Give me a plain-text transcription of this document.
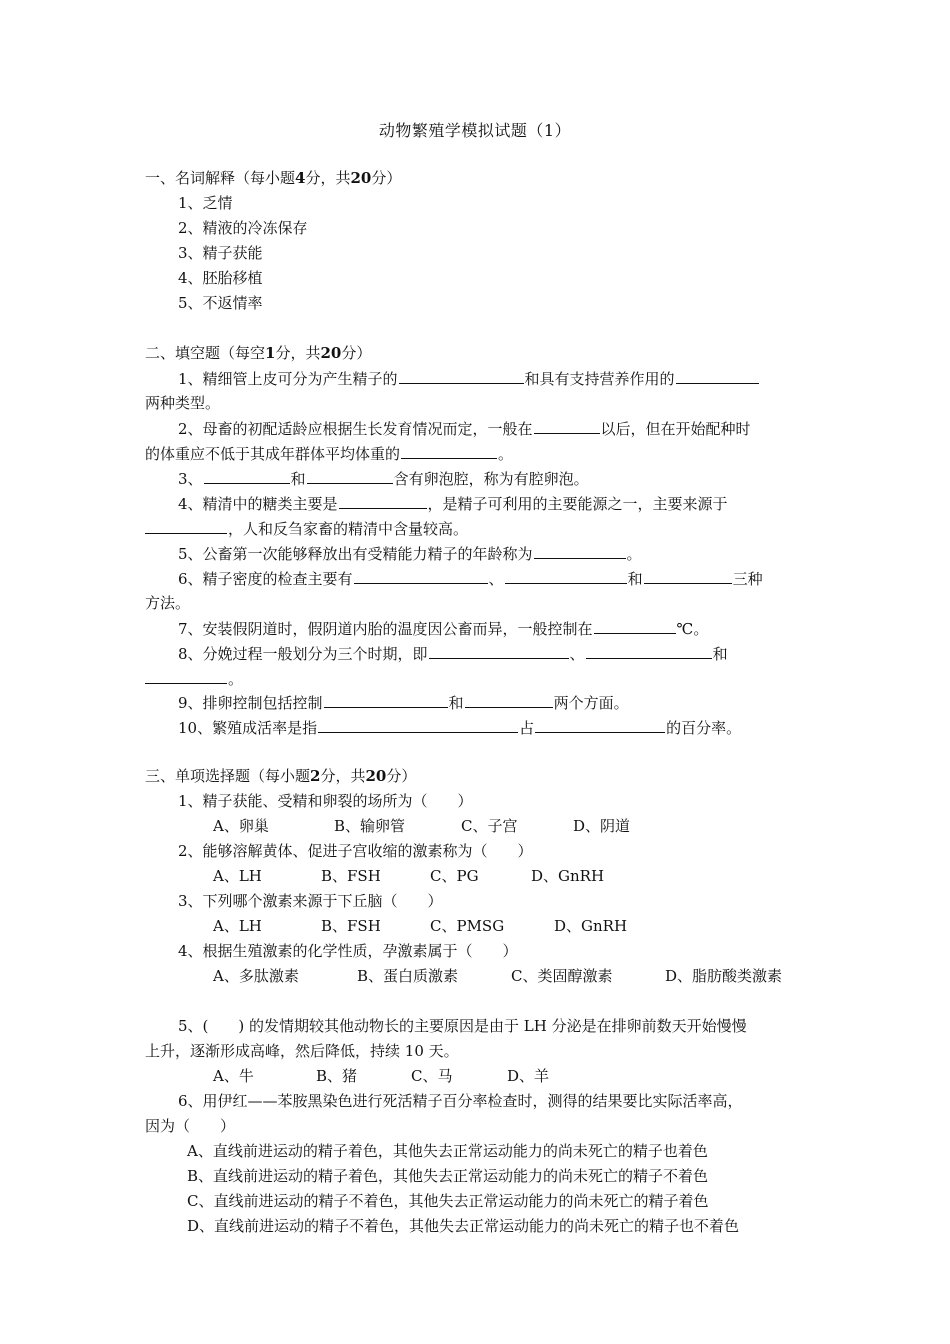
动物繁殖学模拟试题（1）
一、名词解释（每小题4分，共20分）
1、乏情
2、精液的冷冻保存
3、精子获能
4、胚胎移植
5、不返情率
二、填空题（每空1分，共20分）
1、精细管上皮可分为产生精子的	和具有支持营养作用的
两种类型。
2、母畜的初配适龄应根据生长发育情况而定，一般在	以后，但在开始配种时
的体重应不低于其成年群体平均体重的	。
3、	和	含有卵泡腔，称为有腔卵泡。
4、精清中的糖类主要是	，是精子可利用的主要能源之一，主要来源于
，人和反刍家畜的精清中含量较高。
5、公畜第一次能够释放出有受精能力精子的年龄称为	。
6、精子密度的检查主要有	、	和	三种
方法。
7、安装假阴道时，假阴道内胎的温度因公畜而异，一般控制在	℃。
8、分娩过程一般划分为三个时期，即	、	和
。
9、排卵控制包括控制	和	两个方面。
10、繁殖成活率是指	占	的百分率。
三、单项选择题（每小题2分，共20分）
1、精子获能、受精和卵裂的场所为（　　）
A、卵巢	B、输卵管	C、子宫	D、阴道
2、能够溶解黄体、促进子宫收缩的激素称为（　　）
A、LH	B、FSH	C、PG	D、GnRH
3、下列哪个激素来源于下丘脑（　　）
A、LH	B、FSH	C、PMSG	D、GnRH
4、根据生殖激素的化学性质，孕激素属于（　　）
A、多肽激素	B、蛋白质激素	C、类固醇激素	D、脂肪酸类激素
5、(　　) 的发情期较其他动物长的主要原因是由于 LH 分泌是在排卵前数天开始慢慢
上升，逐渐形成高峰，然后降低，持续 10 天。
A、牛	B、猪	C、马	D、羊
6、用伊红——苯胺黑染色进行死活精子百分率检查时，测得的结果要比实际活率高，
因为（　　）
A、直线前进运动的精子着色，其他失去正常运动能力的尚未死亡的精子也着色
B、直线前进运动的精子着色，其他失去正常运动能力的尚未死亡的精子不着色
C、直线前进运动的精子不着色，其他失去正常运动能力的尚未死亡的精子着色
D、直线前进运动的精子不着色，其他失去正常运动能力的尚未死亡的精子也不着色
